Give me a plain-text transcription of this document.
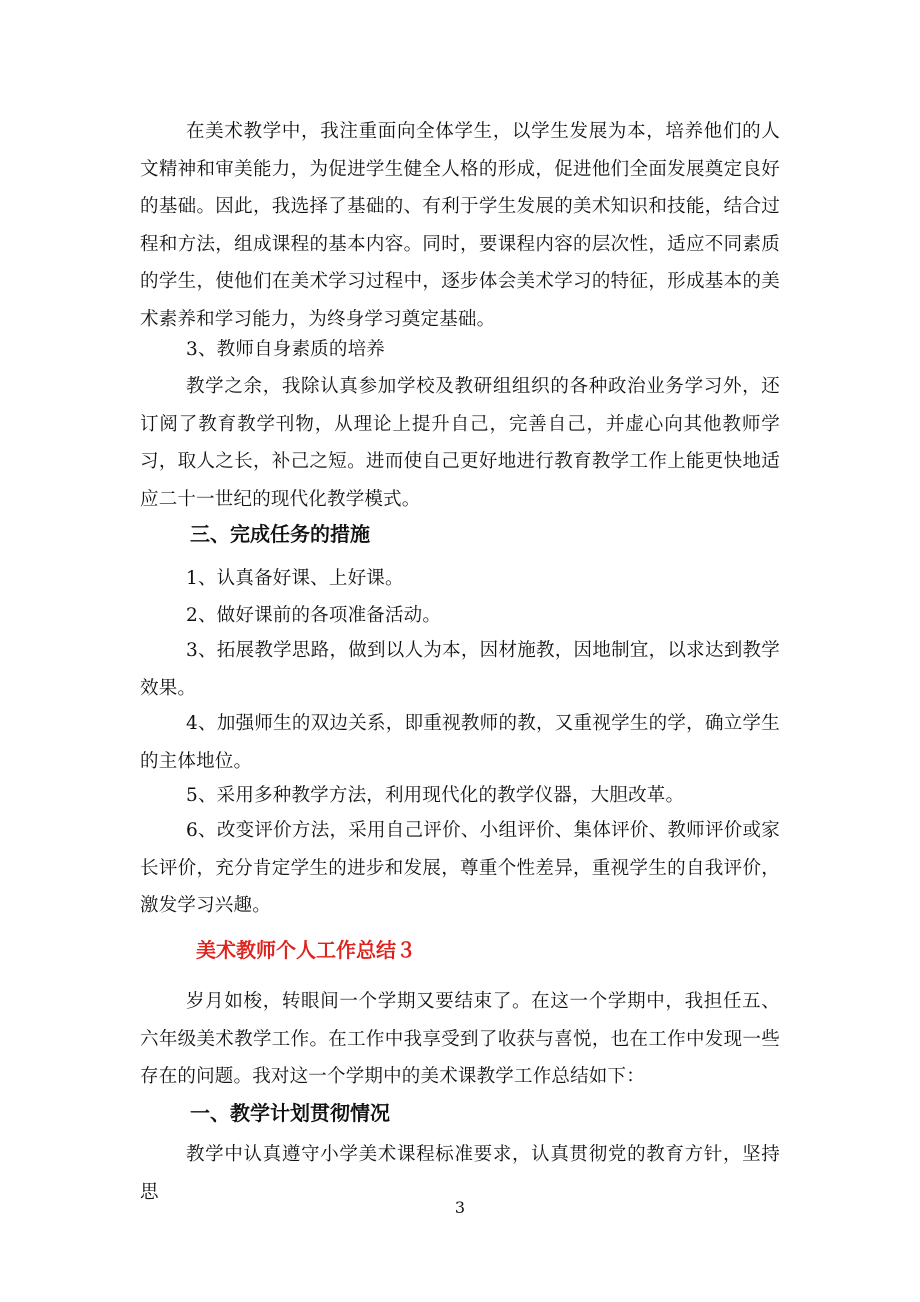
在美术教学中，我注重面向全体学生，以学生发展为本，培养他们的人文精神和审美能力，为促进学生健全人格的形成，促进他们全面发展奠定良好的基础。因此，我选择了基础的、有利于学生发展的美术知识和技能，结合过程和方法，组成课程的基本内容。同时，要课程内容的层次性，适应不同素质的学生，使他们在美术学习过程中，逐步体会美术学习的特征，形成基本的美术素养和学习能力，为终身学习奠定基础。

3、教师自身素质的培养

教学之余，我除认真参加学校及教研组组织的各种政治业务学习外，还订阅了教育教学刊物，从理论上提升自己，完善自己，并虚心向其他教师学习，取人之长，补己之短。进而使自己更好地进行教育教学工作上能更快地适应二十一世纪的现代化教学模式。

三、完成任务的措施

1、认真备好课、上好课。

2、做好课前的各项准备活动。

3、拓展教学思路，做到以人为本，因材施教，因地制宜，以求达到教学效果。

4、加强师生的双边关系，即重视教师的教，又重视学生的学，确立学生的主体地位。

5、采用多种教学方法，利用现代化的教学仪器，大胆改革。

6、改变评价方法，采用自己评价、小组评价、集体评价、教师评价或家长评价，充分肯定学生的进步和发展，尊重个性差异，重视学生的自我评价，激发学习兴趣。

美术教师个人工作总结３

岁月如梭，转眼间一个学期又要结束了。在这一个学期中，我担任五、六年级美术教学工作。在工作中我享受到了收获与喜悦，也在工作中发现一些存在的问题。我对这一个学期中的美术课教学工作总结如下：

一、教学计划贯彻情况

教学中认真遵守小学美术课程标准要求，认真贯彻党的教育方针，坚持思

3
